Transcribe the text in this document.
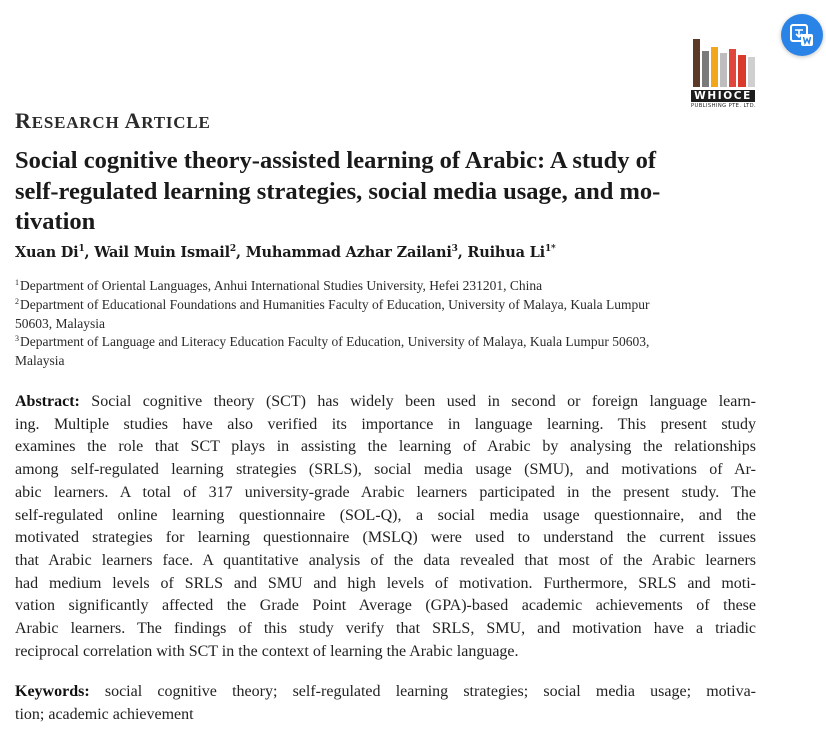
WHIOCE
PUBLISHING PTE. LTD.
RESEARCH ARTICLE
Social cognitive theory-assisted learning of Arabic: A study of
self-regulated learning strategies, social media usage, and mo-
tivation
Xuan Di$^1$, Wail Muin Ismail$^2$, Muhammad Azhar Zailani$^3$, Ruihua $Li^{1*}$
$^1$Department of Oriental Languages, Anhui International Studies University, Hefei 231201, China
$^2$Department of Educational Foundations and Humanities Faculty of Education, University of Malaya, Kuala Lumpur
50603, Malaysia
$^3$Department of Language and Literacy Education Faculty of Education, University of Malaya, Kuala Lumpur 50603,
Malaysia
Abstract: Social cognitive theory (SCT) has widely been used in second or foreign language learn-
ing. Multiple studies have also verified its importance in language learning. This present study
examines the role that SCT plays in assisting the learning of Arabic by analysing the relationships
among self-regulated learning strategies (SRLS), social media usage (SMU), and motivations of Ar-
abic learners. A total of 317 university-grade Arabic learners participated in the present study. The
self-regulated online learning questionnaire (SOL-Q), a social media usage questionnaire, and the
motivated strategies for learning questionnaire (MSLQ) were used to understand the current issues
that Arabic learners face. A quantitative analysis of the data revealed that most of the Arabic learners
had medium levels of SRLS and SMU and high levels of motivation. Furthermore, SRLS and moti-
vation significantly affected the Grade Point Average (GPA)-based academic achievements of these
Arabic learners. The findings of this study verify that SRLS, SMU, and motivation have a triadic
reciprocal correlation with SCT in the context of learning the Arabic language.
Keywords: social cognitive theory; self-regulated learning strategies; social media usage; motiva-
tion; academic achievement
